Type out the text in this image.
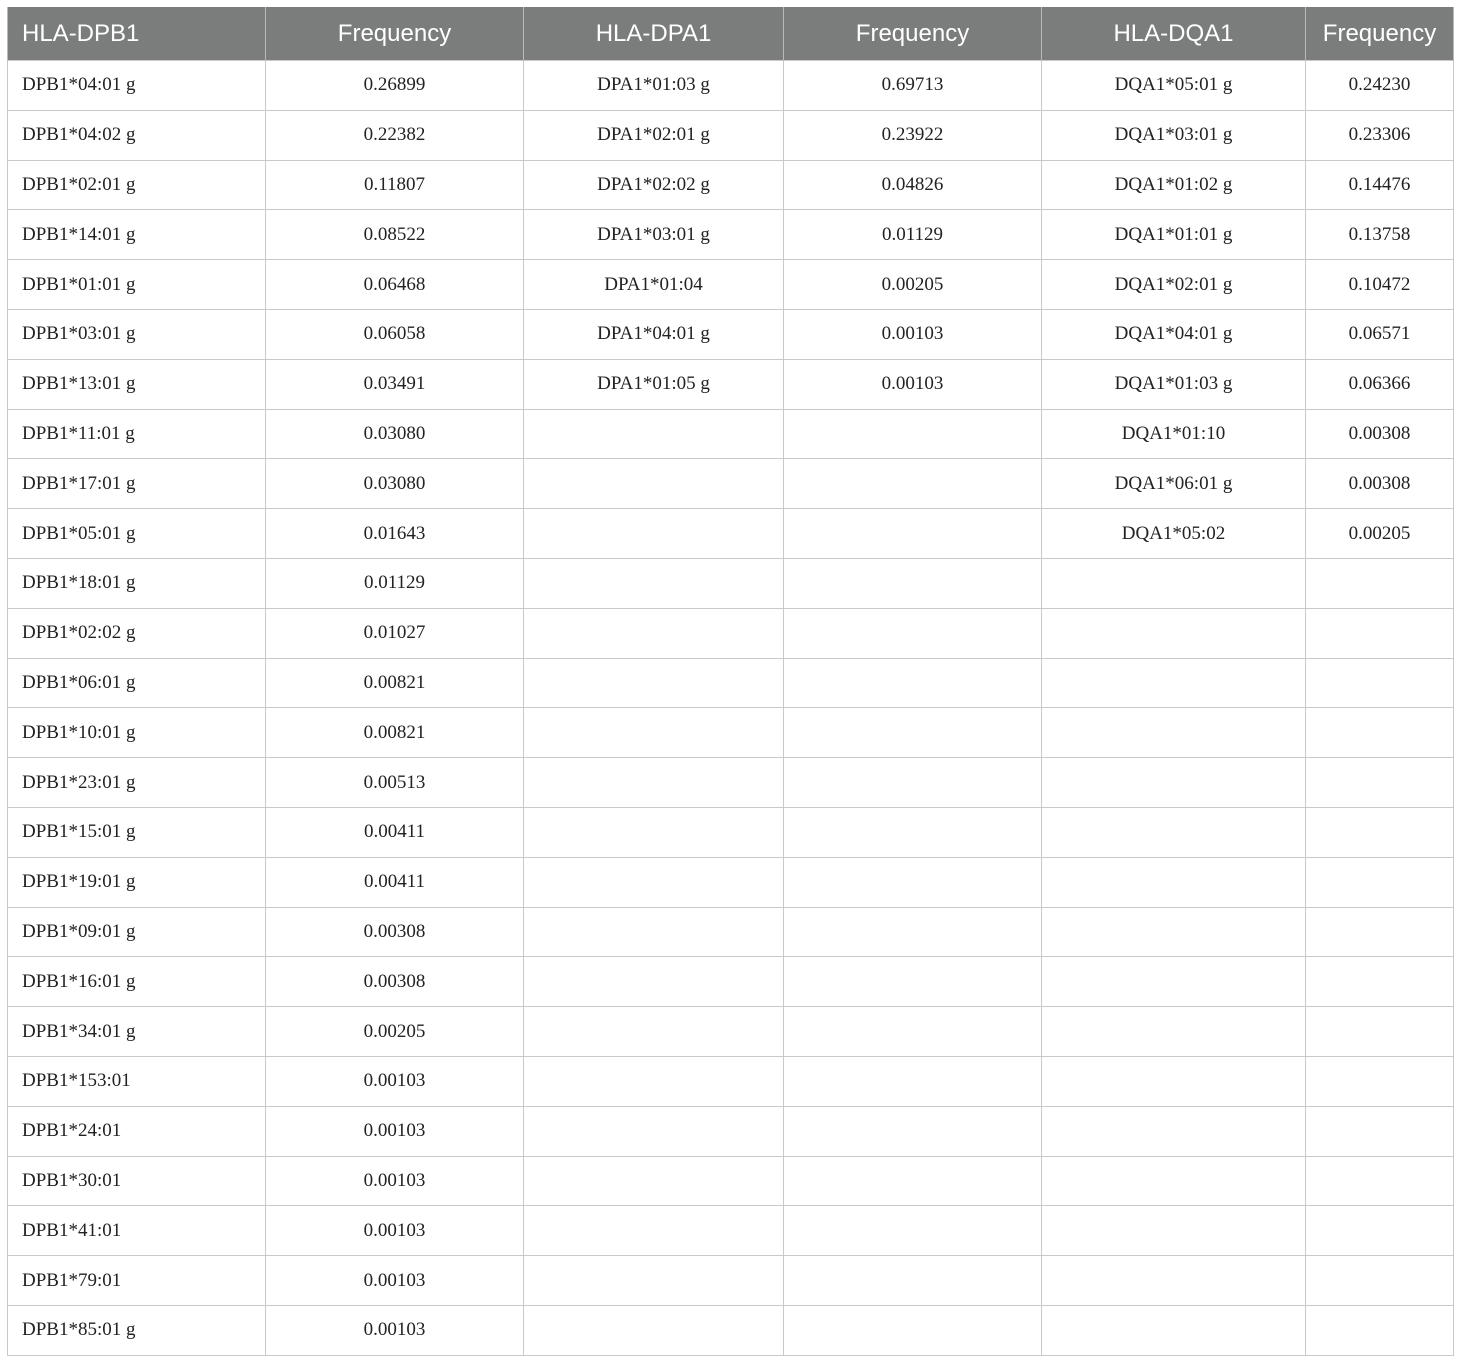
HLA-DPB1	Frequency	HLA-DPA1	Frequency	HLA-DQA1	Frequency
DPB1*04:01 g	0.26899	DPA1*01:03 g	0.69713	DQA1*05:01 g	0.24230
DPB1*04:02 g	0.22382	DPA1*02:01 g	0.23922	DQA1*03:01 g	0.23306
DPB1*02:01 g	0.11807	DPA1*02:02 g	0.04826	DQA1*01:02 g	0.14476
DPB1*14:01 g	0.08522	DPA1*03:01 g	0.01129	DQA1*01:01 g	0.13758
DPB1*01:01 g	0.06468	DPA1*01:04	0.00205	DQA1*02:01 g	0.10472
DPB1*03:01 g	0.06058	DPA1*04:01 g	0.00103	DQA1*04:01 g	0.06571
DPB1*13:01 g	0.03491	DPA1*01:05 g	0.00103	DQA1*01:03 g	0.06366
DPB1*11:01 g	0.03080			DQA1*01:10	0.00308
DPB1*17:01 g	0.03080			DQA1*06:01 g	0.00308
DPB1*05:01 g	0.01643			DQA1*05:02	0.00205
DPB1*18:01 g	0.01129				
DPB1*02:02 g	0.01027				
DPB1*06:01 g	0.00821				
DPB1*10:01 g	0.00821				
DPB1*23:01 g	0.00513				
DPB1*15:01 g	0.00411				
DPB1*19:01 g	0.00411				
DPB1*09:01 g	0.00308				
DPB1*16:01 g	0.00308				
DPB1*34:01 g	0.00205				
DPB1*153:01	0.00103				
DPB1*24:01	0.00103				
DPB1*30:01	0.00103				
DPB1*41:01	0.00103				
DPB1*79:01	0.00103				
DPB1*85:01 g	0.00103				
